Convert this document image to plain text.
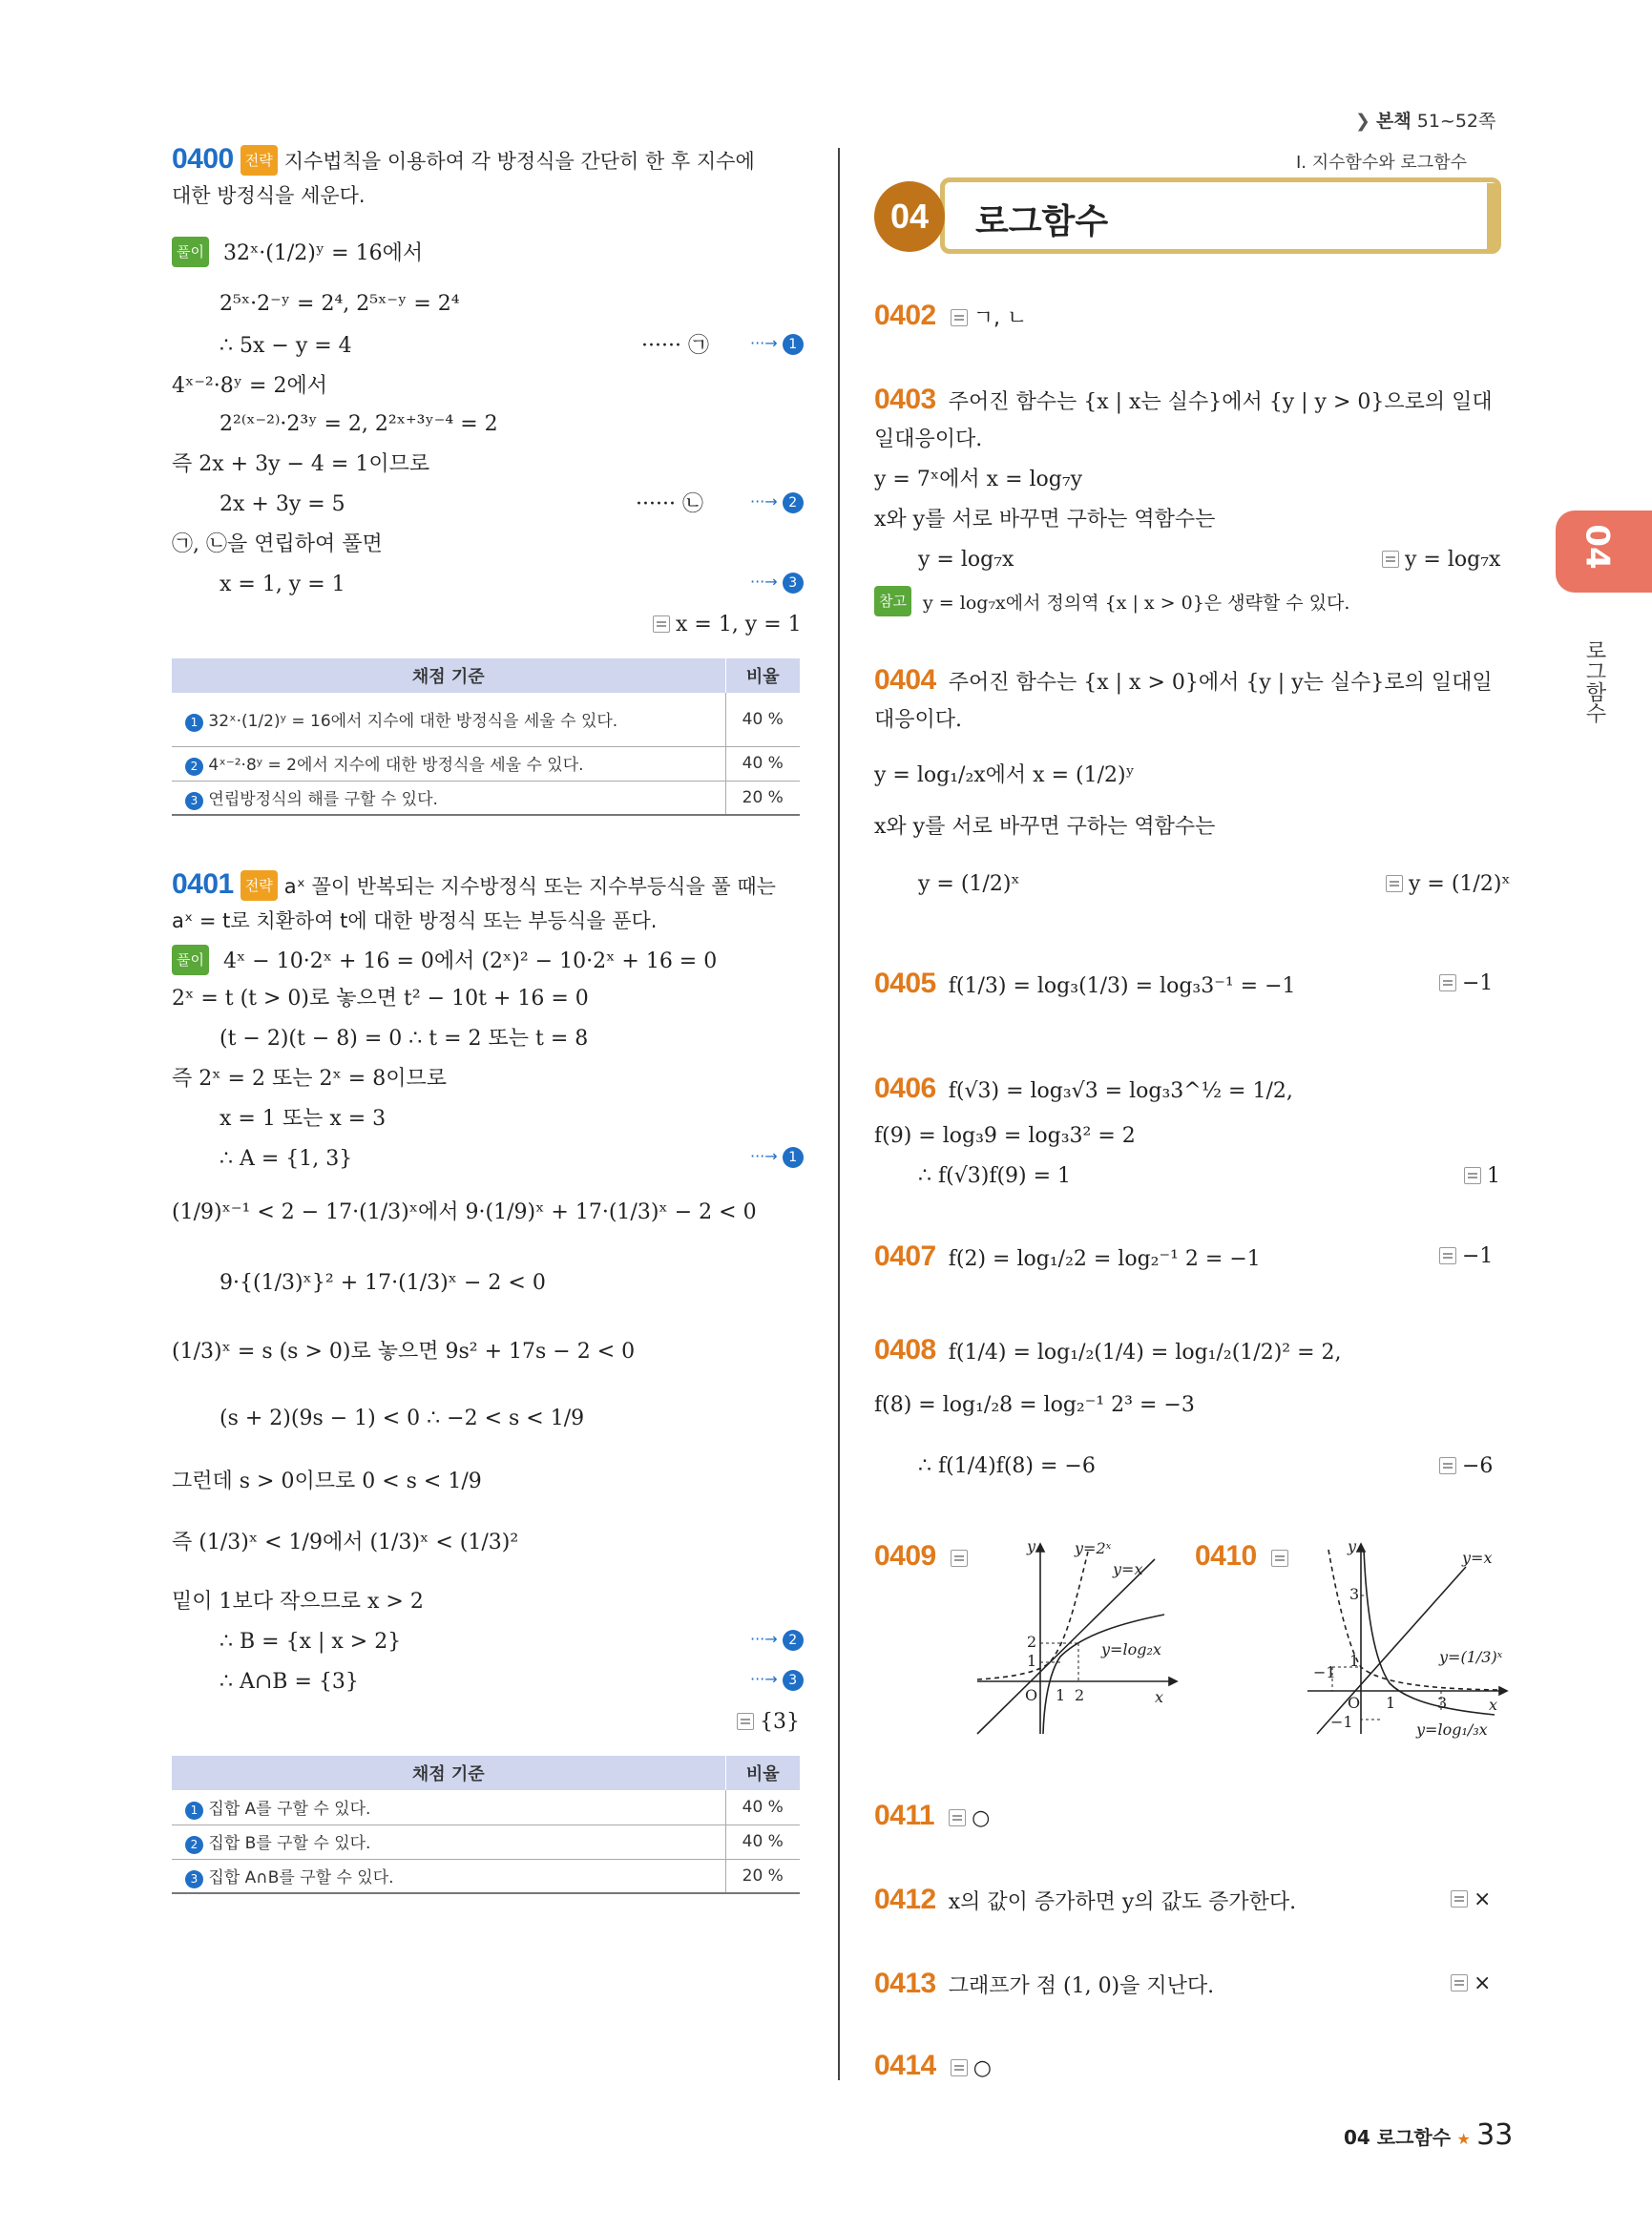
❯ 본책 51~52쪽
I. 지수함수와 로그함수
04	로그함수
04
로그함수
0400 전략 지수법칙을 이용하여 각 방정식을 간단히 한 후 지수에
대한 방정식을 세운다.
풀이 32ˣ·(1/2)ʸ = 16에서
2⁵ˣ·2⁻ʸ = 2⁴, 2⁵ˣ⁻ʸ = 2⁴
∴ 5x − y = 4	······ ㉠	···→ 1
4ˣ⁻²·8ʸ = 2에서
2²⁽ˣ⁻²⁾·2³ʸ = 2, 2²ˣ⁺³ʸ⁻⁴ = 2
즉 2x + 3y − 4 = 1이므로
2x + 3y = 5	······ ㉡	···→ 2
㉠, ㉡을 연립하여 풀면
x = 1, y = 1	···→ 3
x = 1, y = 1
채점 기준	비율
1 32ˣ·(1/2)ʸ = 16에서 지수에 대한 방정식을 세울 수 있다.	40 %
2 4ˣ⁻²·8ʸ = 2에서 지수에 대한 방정식을 세울 수 있다.	40 %
3 연립방정식의 해를 구할 수 있다.	20 %
0401 전략 aˣ 꼴이 반복되는 지수방정식 또는 지수부등식을 풀 때는
aˣ = t로 치환하여 t에 대한 방정식 또는 부등식을 푼다.
풀이 4ˣ − 10·2ˣ + 16 = 0에서 (2ˣ)² − 10·2ˣ + 16 = 0
2ˣ = t (t > 0)로 놓으면 t² − 10t + 16 = 0
(t − 2)(t − 8) = 0 ∴ t = 2 또는 t = 8
즉 2ˣ = 2 또는 2ˣ = 8이므로
x = 1 또는 x = 3
∴ A = {1, 3}	···→ 1
(1/9)ˣ⁻¹ < 2 − 17·(1/3)ˣ에서 9·(1/9)ˣ + 17·(1/3)ˣ − 2 < 0
9·{(1/3)ˣ}² + 17·(1/3)ˣ − 2 < 0
(1/3)ˣ = s (s > 0)로 놓으면 9s² + 17s − 2 < 0
(s + 2)(9s − 1) < 0 ∴ −2 < s < 1/9
그런데 s > 0이므로 0 < s < 1/9
즉 (1/3)ˣ < 1/9에서 (1/3)ˣ < (1/3)²
밑이 1보다 작으므로 x > 2
∴ B = {x | x > 2}	···→ 2
∴ A∩B = {3}	···→ 3
{3}
채점 기준	비율
1 집합 A를 구할 수 있다.	40 %
2 집합 B를 구할 수 있다.	40 %
3 집합 A∩B를 구할 수 있다.	20 %
0402 ㄱ, ㄴ
0403 주어진 함수는 {x | x는 실수}에서 {y | y > 0}으로의 일대
일대응이다.
y = 7ˣ에서 x = log₇y
x와 y를 서로 바꾸면 구하는 역함수는
y = log₇x	y = log₇x
참고 y = log₇x에서 정의역 {x | x > 0}은 생략할 수 있다.
0404 주어진 함수는 {x | x > 0}에서 {y | y는 실수}로의 일대일
대응이다.
y = log₁/₂x에서 x = (1/2)ʸ
x와 y를 서로 바꾸면 구하는 역함수는
y = (1/2)ˣ	y = (1/2)ˣ
0405 f(1/3) = log₃(1/3) = log₃3⁻¹ = −1	−1
0406 f(√3) = log₃√3 = log₃3^½ = 1/2,
f(9) = log₃9 = log₃3² = 2
∴ f(√3)f(9) = 1	1
0407 f(2) = log₁/₂2 = log₂⁻¹ 2 = −1	−1
0408 f(1/4) = log₁/₂(1/4) = log₁/₂(1/2)² = 2,
f(8) = log₁/₂8 = log₂⁻¹ 2³ = −3
∴ f(1/4)f(8) = −6	−6
0409	y=2ˣ
y=x
y=log₂x
x
y
O 1 2
1
2
0410	y=x
y=(1/3)ˣ
y=log₁/₃x
x
y
O	3
1
−1
3
1
−1
0411 ○
0412 x의 값이 증가하면 y의 값도 증가한다.	×
0413 그래프가 점 (1, 0)을 지난다.	×
0414 ○
04 로그함수 ★ 33
